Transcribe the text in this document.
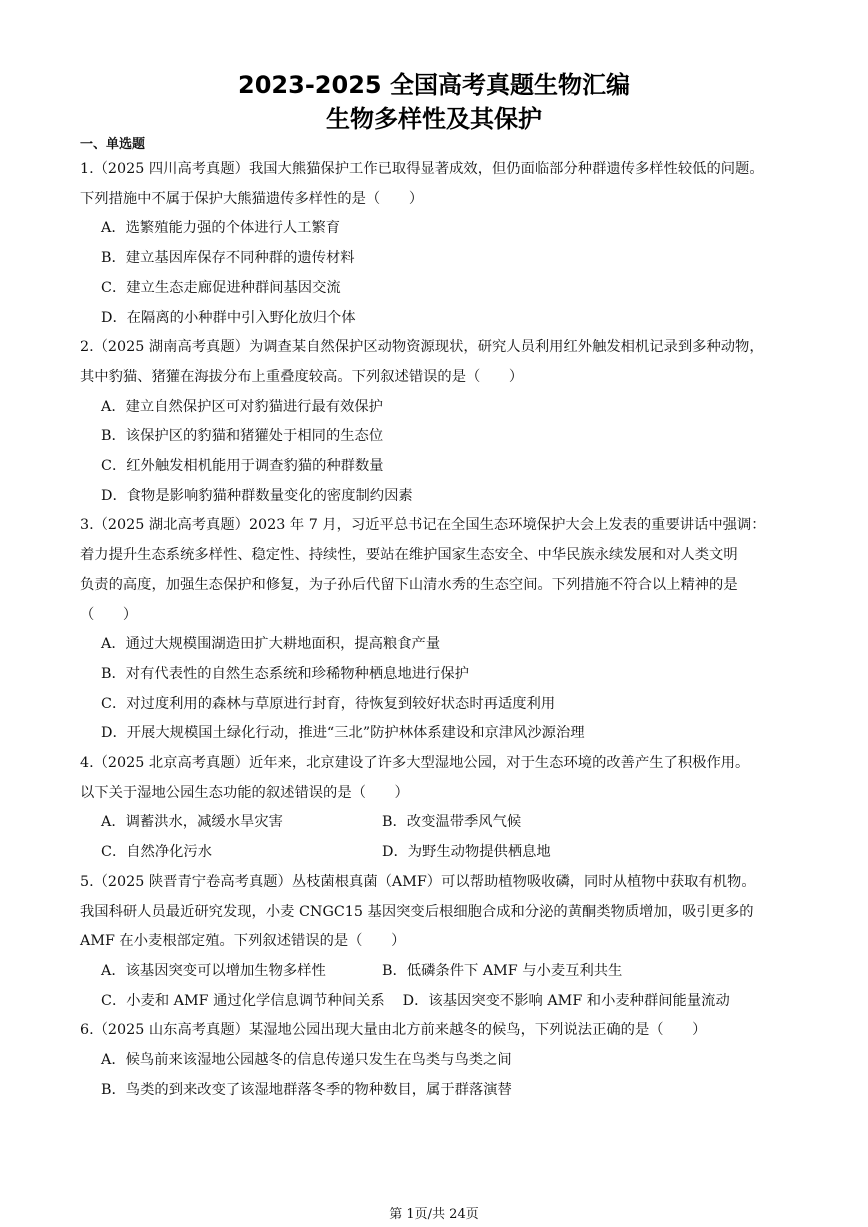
2023-2025 全国高考真题生物汇编
生物多样性及其保护
一、单选题
1.（2025 四川高考真题）我国大熊猫保护工作已取得显著成效，但仍面临部分种群遗传多样性较低的问题。
下列措施中不属于保护大熊猫遗传多样性的是（　　）
A．选繁殖能力强的个体进行人工繁育
B．建立基因库保存不同种群的遗传材料
C．建立生态走廊促进种群间基因交流
D．在隔离的小种群中引入野化放归个体
2.（2025 湖南高考真题）为调查某自然保护区动物资源现状，研究人员利用红外触发相机记录到多种动物，
其中豹猫、猪獾在海拔分布上重叠度较高。下列叙述错误的是（　　）
A．建立自然保护区可对豹猫进行最有效保护
B．该保护区的豹猫和猪獾处于相同的生态位
C．红外触发相机能用于调查豹猫的种群数量
D．食物是影响豹猫种群数量变化的密度制约因素
3.（2025 湖北高考真题）2023 年 7 月，习近平总书记在全国生态环境保护大会上发表的重要讲话中强调：
着力提升生态系统多样性、稳定性、持续性，要站在维护国家生态安全、中华民族永续发展和对人类文明
负责的高度，加强生态保护和修复，为子孙后代留下山清水秀的生态空间。下列措施不符合以上精神的是
（　　）
A．通过大规模围湖造田扩大耕地面积，提高粮食产量
B．对有代表性的自然生态系统和珍稀物种栖息地进行保护
C．对过度利用的森林与草原进行封育，待恢复到较好状态时再适度利用
D．开展大规模国土绿化行动，推进“三北”防护林体系建设和京津风沙源治理
4.（2025 北京高考真题）近年来，北京建设了许多大型湿地公园，对于生态环境的改善产生了积极作用。
以下关于湿地公园生态功能的叙述错误的是（　　）
A．调蓄洪水，减缓水旱灾害	B．改变温带季风气候
C．自然净化污水	D．为野生动物提供栖息地
5.（2025 陕晋青宁卷高考真题）丛枝菌根真菌（AMF）可以帮助植物吸收磷，同时从植物中获取有机物。
我国科研人员最近研究发现，小麦 CNGC15 基因突变后根细胞合成和分泌的黄酮类物质增加，吸引更多的
AMF 在小麦根部定殖。下列叙述错误的是（　　）
A．该基因突变可以增加生物多样性	B．低磷条件下 AMF 与小麦互利共生
C．小麦和 AMF 通过化学信息调节种间关系 D．该基因突变不影响 AMF 和小麦种群间能量流动
6.（2025 山东高考真题）某湿地公园出现大量由北方前来越冬的候鸟，下列说法正确的是（　　）
A．候鸟前来该湿地公园越冬的信息传递只发生在鸟类与鸟类之间
B．鸟类的到来改变了该湿地群落冬季的物种数目，属于群落演替
第 1页/共 24页
